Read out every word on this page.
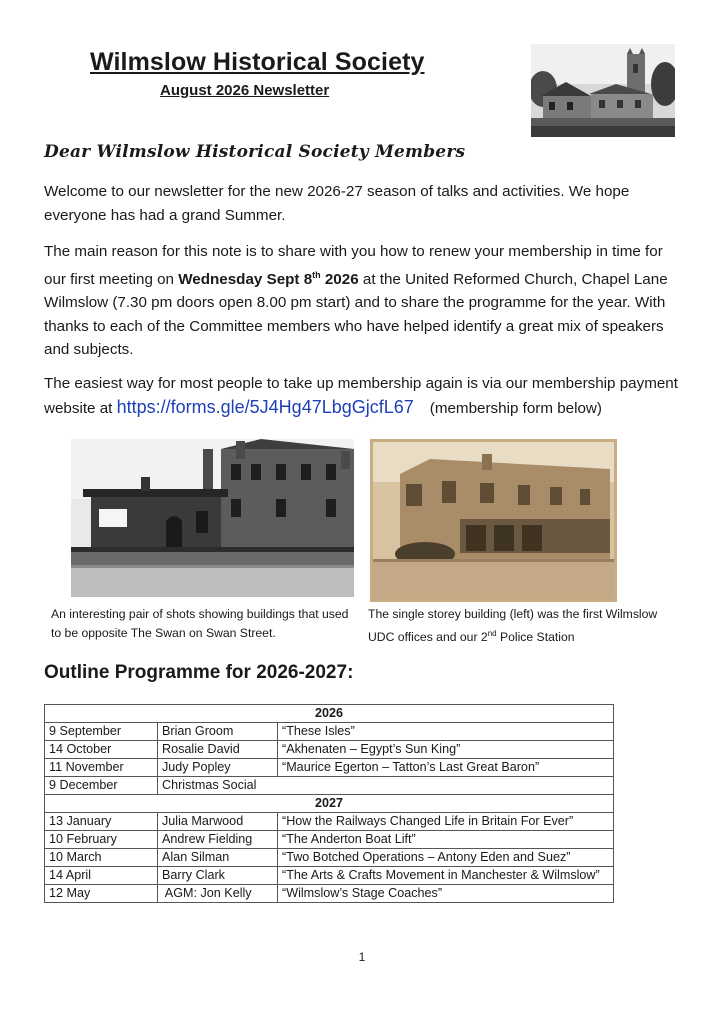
Wilmslow Historical Society
August 2026 Newsletter
Dear Wilmslow Historical Society Members
Welcome to our newsletter for the new 2026-27 season of talks and activities. We hope everyone has had a grand Summer.
The main reason for this note is to share with you how to renew your membership in time for our first meeting on Wednesday Sept 8th 2026 at the United Reformed Church, Chapel Lane Wilmslow (7.30 pm doors open 8.00 pm start) and to share the programme for the year. With thanks to each of the Committee members who have helped identify a great mix of speakers and subjects.
The easiest way for most people to take up membership again is via our membership payment website at https://forms.gle/5J4Hg47LbgGjcfL67 (membership form below)
An interesting pair of shots showing buildings that used to be opposite The Swan on Swan Street.
The single storey building (left) was the first Wilmslow UDC offices and our 2nd Police Station
Outline Programme for 2026-2027:
2026		
9 September	Brian Groom	“These Isles”
14 October	Rosalie David	“Akhenaten – Egypt’s Sun King”
11 November	Judy Popley	“Maurice Egerton – Tatton’s Last Great Baron”
9 December	Christmas Social	
2027		
13 January	Julia Marwood	“How the Railways Changed Life in Britain For Ever”
10 February	Andrew Fielding	“The Anderton Boat Lift”
10 March	Alan Silman	“Two Botched Operations – Antony Eden and Suez”
14 April	Barry Clark	“The Arts & Crafts Movement in Manchester & Wilmslow”
12 May	AGM: Jon Kelly	“Wilmslow’s Stage Coaches”
1
